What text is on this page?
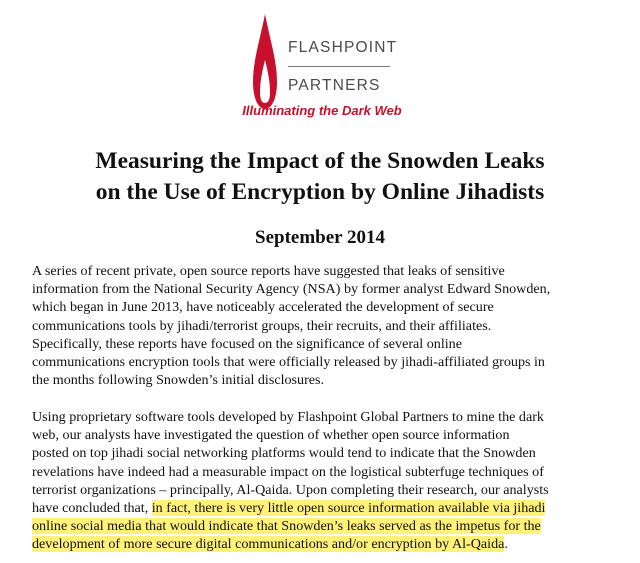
FLASHPOINT
PARTNERS
Illuminating the Dark Web
Measuring the Impact of the Snowden Leaks
on the Use of Encryption by Online Jihadists
September 2014

A series of recent private, open source reports have suggested that leaks of sensitive
information from the National Security Agency (NSA) by former analyst Edward Snowden,
which began in June 2013, have noticeably accelerated the development of secure
communications tools by jihadi/terrorist groups, their recruits, and their affiliates.
Specifically, these reports have focused on the significance of several online
communications encryption tools that were officially released by jihadi-affiliated groups in
the months following Snowden’s initial disclosures.

Using proprietary software tools developed by Flashpoint Global Partners to mine the dark
web, our analysts have investigated the question of whether open source information
posted on top jihadi social networking platforms would tend to indicate that the Snowden
revelations have indeed had a measurable impact on the logistical subterfuge techniques of
terrorist organizations – principally, Al-Qaida. Upon completing their research, our analysts
have concluded that, in fact, there is very little open source information available via jihadi
online social media that would indicate that Snowden’s leaks served as the impetus for the
development of more secure digital communications and/or encryption by Al-Qaida.
